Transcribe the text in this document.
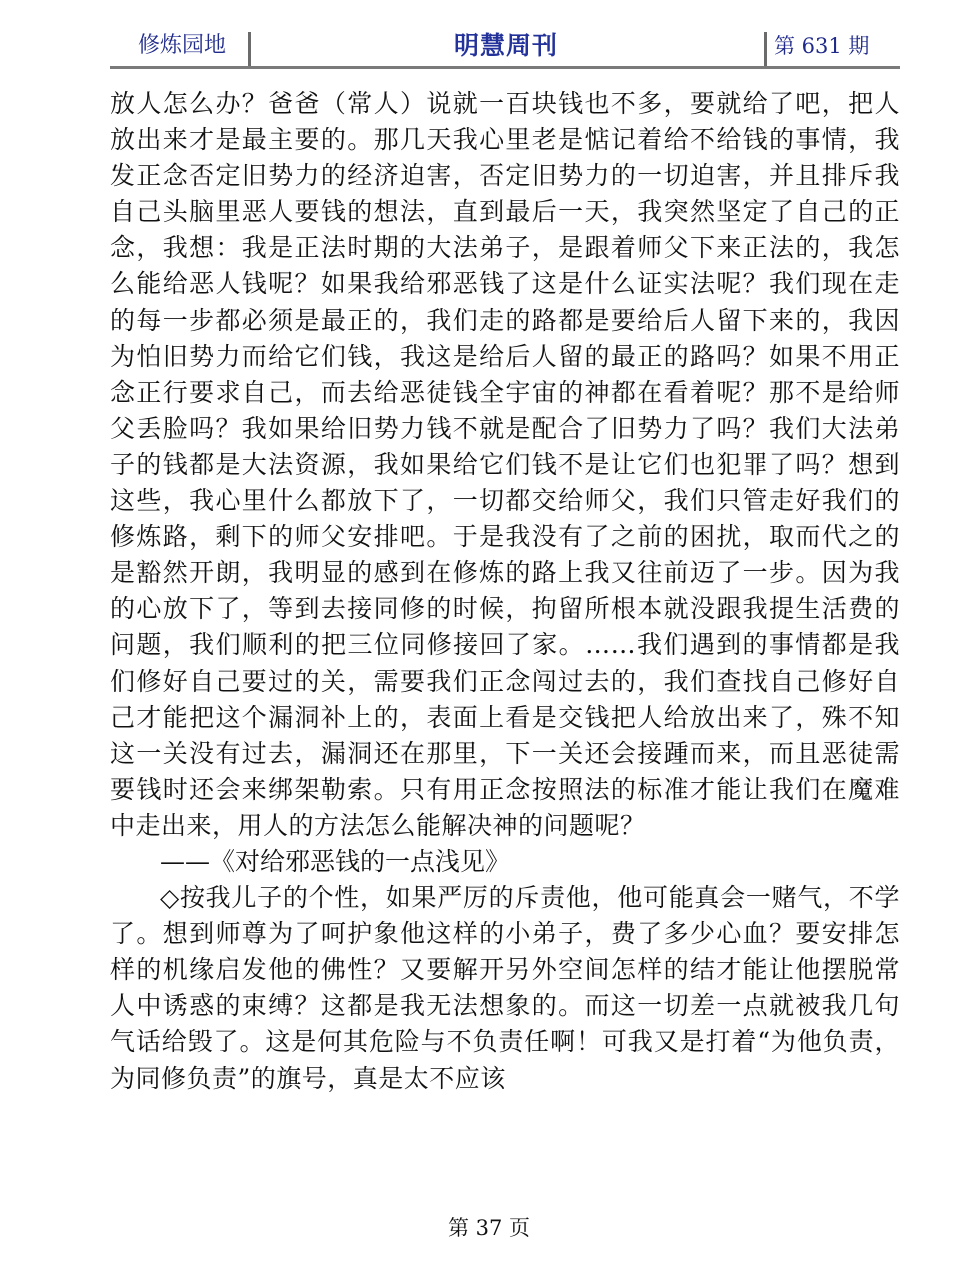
修炼园地	明慧周刊	第 631 期

放人怎么办？爸爸（常人）说就一百块钱也不多，要就给了吧，把人放出来才是最主要的。那几天我心里老是惦记着给不给钱的事情，我发正念否定旧势力的经济迫害，否定旧势力的一切迫害，并且排斥我自己头脑里恶人要钱的想法，直到最后一天，我突然坚定了自己的正念，我想：我是正法时期的大法弟子，是跟着师父下来正法的，我怎么能给恶人钱呢？如果我给邪恶钱了这是什么证实法呢？我们现在走的每一步都必须是最正的，我们走的路都是要给后人留下来的，我因为怕旧势力而给它们钱，我这是给后人留的最正的路吗？如果不用正念正行要求自己，而去给恶徒钱全宇宙的神都在看着呢？那不是给师父丢脸吗？我如果给旧势力钱不就是配合了旧势力了吗？我们大法弟子的钱都是大法资源，我如果给它们钱不是让它们也犯罪了吗？想到这些，我心里什么都放下了，一切都交给师父，我们只管走好我们的修炼路，剩下的师父安排吧。于是我没有了之前的困扰，取而代之的是豁然开朗，我明显的感到在修炼的路上我又往前迈了一步。因为我的心放下了，等到去接同修的时候，拘留所根本就没跟我提生活费的问题，我们顺利的把三位同修接回了家。……我们遇到的事情都是我们修好自己要过的关，需要我们正念闯过去的，我们查找自己修好自己才能把这个漏洞补上的，表面上看是交钱把人给放出来了，殊不知这一关没有过去，漏洞还在那里，下一关还会接踵而来，而且恶徒需要钱时还会来绑架勒索。只有用正念按照法的标准才能让我们在魔难中走出来，用人的方法怎么能解决神的问题呢？

——《对给邪恶钱的一点浅见》

◇按我儿子的个性，如果严厉的斥责他，他可能真会一赌气，不学了。想到师尊为了呵护象他这样的小弟子，费了多少心血？要安排怎样的机缘启发他的佛性？又要解开另外空间怎样的结才能让他摆脱常人中诱惑的束缚？这都是我无法想象的。而这一切差一点就被我几句气话给毁了。这是何其危险与不负责任啊！可我又是打着“为他负责，为同修负责”的旗号，真是太不应该

第 37 页
